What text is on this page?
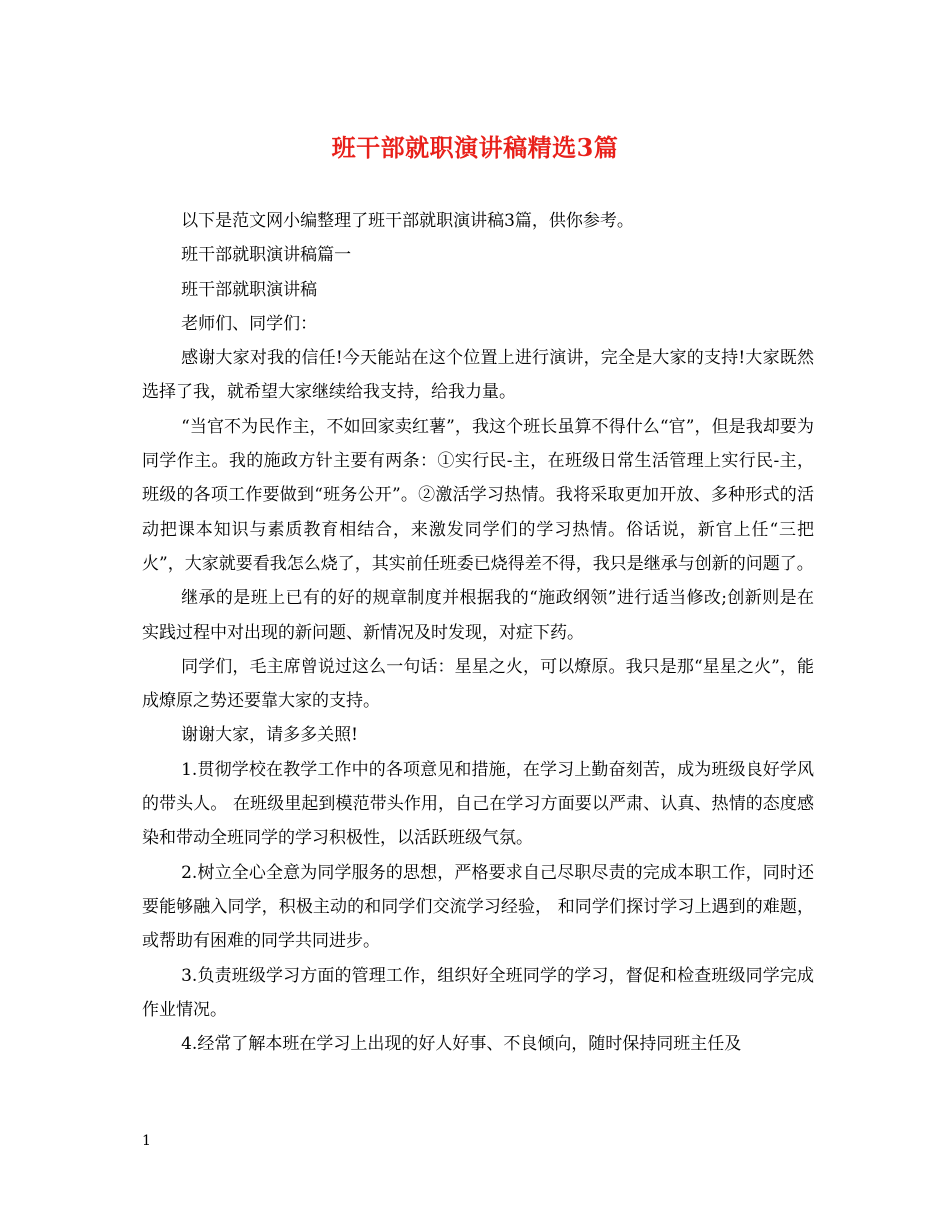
班干部就职演讲稿精选3篇

以下是范文网小编整理了班干部就职演讲稿3篇，供你参考。

班干部就职演讲稿篇一

班干部就职演讲稿

老师们、同学们：

感谢大家对我的信任!今天能站在这个位置上进行演讲，完全是大家的支持!大家既然选择了我，就希望大家继续给我支持，给我力量。

“当官不为民作主，不如回家卖红薯”，我这个班长虽算不得什么“官”，但是我却要为同学作主。我的施政方针主要有两条：①实行民-主，在班级日常生活管理上实行民-主，班级的各项工作要做到“班务公开”。②激活学习热情。我将采取更加开放、多种形式的活动把课本知识与素质教育相结合，来激发同学们的学习热情。俗话说，新官上任“三把火”，大家就要看我怎么烧了，其实前任班委已烧得差不得，我只是继承与创新的问题了。

继承的是班上已有的好的规章制度并根据我的“施政纲领”进行适当修改;创新则是在实践过程中对出现的新问题、新情况及时发现，对症下药。

同学们，毛主席曾说过这么一句话：星星之火，可以燎原。我只是那“星星之火”，能成燎原之势还要靠大家的支持。

谢谢大家，请多多关照!

1.贯彻学校在教学工作中的各项意见和措施，在学习上勤奋刻苦，成为班级良好学风的带头人。 在班级里起到模范带头作用，自己在学习方面要以严肃、认真、热情的态度感染和带动全班同学的学习积极性，以活跃班级气氛。

2.树立全心全意为同学服务的思想，严格要求自己尽职尽责的完成本职工作，同时还要能够融入同学，积极主动的和同学们交流学习经验， 和同学们探讨学习上遇到的难题，或帮助有困难的同学共同进步。

3.负责班级学习方面的管理工作，组织好全班同学的学习，督促和检查班级同学完成作业情况。

4.经常了解本班在学习上出现的好人好事、不良倾向，随时保持同班主任及

1
